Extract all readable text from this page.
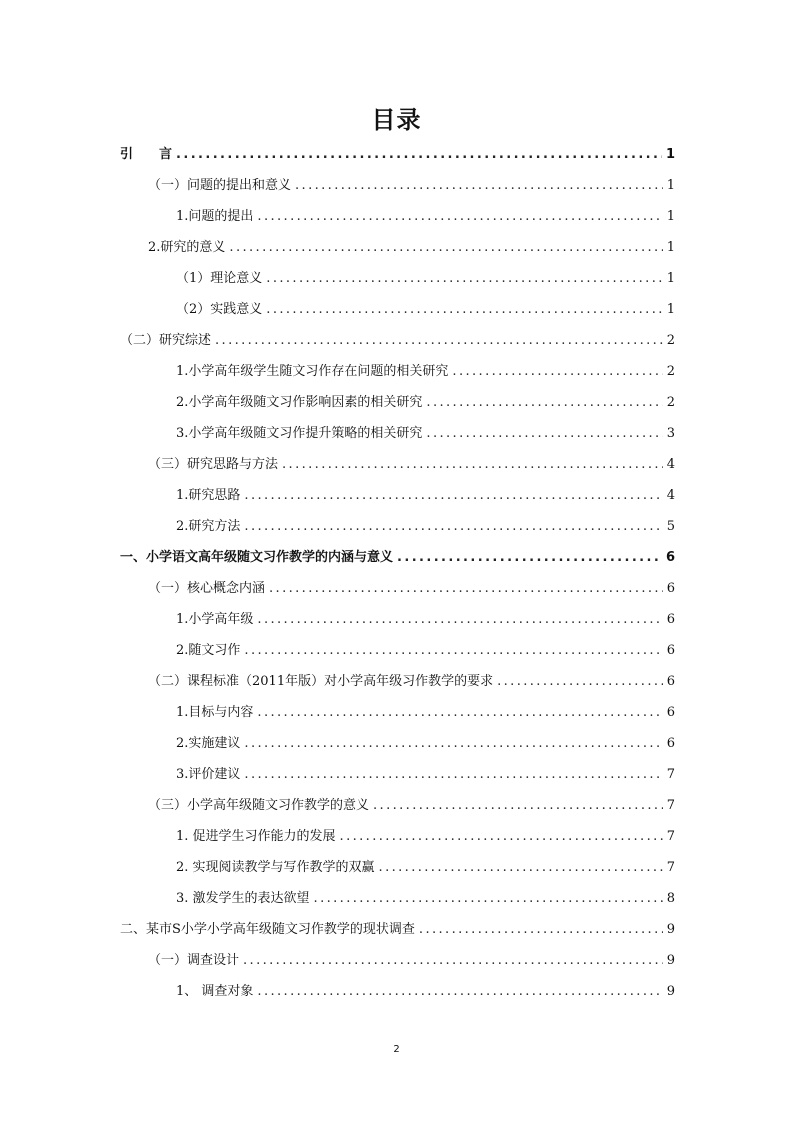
目录
引　　言 .....	1
（一）问题的提出和意义 .....	1
1.问题的提出 .....	1
2.研究的意义 .....	1
（1）理论意义 .....	1
（2）实践意义 .....	1
（二）研究综述 .....	2
1.小学高年级学生随文习作存在问题的相关研究 .....	2
2.小学高年级随文习作影响因素的相关研究 .....	2
3.小学高年级随文习作提升策略的相关研究 .....	3
（三）研究思路与方法 .....	4
1.研究思路 .....	4
2.研究方法 .....	5
一、小学语文高年级随文习作教学的内涵与意义 .....	6
（一）核心概念内涵 .....	6
1.小学高年级 .....	6
2.随文习作 .....	6
（二）课程标准（2011年版）对小学高年级习作教学的要求 .....	6
1.目标与内容 .....	6
2.实施建议 .....	6
3.评价建议 .....	7
（三）小学高年级随文习作教学的意义 .....	7
1. 促进学生习作能力的发展 .....	7
2. 实现阅读教学与写作教学的双赢 .....	7
3. 激发学生的表达欲望 .....	8
二、某市S小学小学高年级随文习作教学的现状调查 .....	9
（一）调查设计 .....	9
1、 调查对象 .....	9
2
